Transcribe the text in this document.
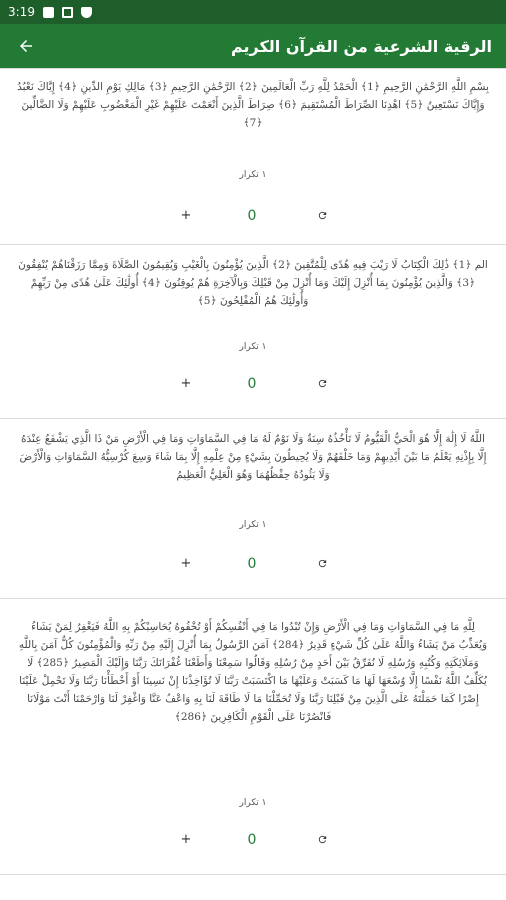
3:19
الرقية الشرعية من القرآن الكريم
بِسْمِ اللَّهِ الرَّحْمَٰنِ الرَّحِيمِ ﴿1﴾ الْحَمْدُ لِلَّهِ رَبِّ الْعَالَمِينَ ﴿2﴾ الرَّحْمَٰنِ الرَّحِيمِ ﴿3﴾ مَالِكِ يَوْمِ الدِّينِ ﴿4﴾ إِيَّاكَ نَعْبُدُ وَإِيَّاكَ نَسْتَعِينُ ﴿5﴾ اهْدِنَا الصِّرَاطَ الْمُسْتَقِيمَ ﴿6﴾ صِرَاطَ الَّذِينَ أَنْعَمْتَ عَلَيْهِمْ غَيْرِ الْمَغْضُوبِ عَلَيْهِمْ وَلَا الضَّالِّينَ ﴿7﴾
١ تكرار
+	0
الم ﴿1﴾ ذَٰلِكَ الْكِتَابُ لَا رَيْبَ فِيهِ هُدًى لِلْمُتَّقِينَ ﴿2﴾ الَّذِينَ يُؤْمِنُونَ بِالْغَيْبِ وَيُقِيمُونَ الصَّلَاةَ وَمِمَّا رَزَقْنَاهُمْ يُنْفِقُونَ ﴿3﴾ وَالَّذِينَ يُؤْمِنُونَ بِمَا أُنْزِلَ إِلَيْكَ وَمَا أُنْزِلَ مِنْ قَبْلِكَ وَبِالْآخِرَةِ هُمْ يُوقِنُونَ ﴿4﴾ أُولَٰئِكَ عَلَىٰ هُدًى مِنْ رَبِّهِمْ وَأُولَٰئِكَ هُمُ الْمُفْلِحُونَ ﴿5﴾
١ تكرار
+	0
اللَّهُ لَا إِلَٰهَ إِلَّا هُوَ الْحَيُّ الْقَيُّومُ لَا تَأْخُذُهُ سِنَةٌ وَلَا نَوْمٌ لَهُ مَا فِي السَّمَاوَاتِ وَمَا فِي الْأَرْضِ مَنْ ذَا الَّذِي يَشْفَعُ عِنْدَهُ إِلَّا بِإِذْنِهِ يَعْلَمُ مَا بَيْنَ أَيْدِيهِمْ وَمَا خَلْفَهُمْ وَلَا يُحِيطُونَ بِشَيْءٍ مِنْ عِلْمِهِ إِلَّا بِمَا شَاءَ وَسِعَ كُرْسِيُّهُ السَّمَاوَاتِ وَالْأَرْضَ وَلَا يَئُودُهُ حِفْظُهُمَا وَهُوَ الْعَلِيُّ الْعَظِيمُ
١ تكرار
+	0
لِلَّهِ مَا فِي السَّمَاوَاتِ وَمَا فِي الْأَرْضِ وَإِنْ تُبْدُوا مَا فِي أَنْفُسِكُمْ أَوْ تُخْفُوهُ يُحَاسِبْكُمْ بِهِ اللَّهُ فَيَغْفِرُ لِمَنْ يَشَاءُ وَيُعَذِّبُ مَنْ يَشَاءُ وَاللَّهُ عَلَىٰ كُلِّ شَيْءٍ قَدِيرٌ ﴿284﴾ آمَنَ الرَّسُولُ بِمَا أُنْزِلَ إِلَيْهِ مِنْ رَبِّهِ وَالْمُؤْمِنُونَ كُلٌّ آمَنَ بِاللَّهِ وَمَلَائِكَتِهِ وَكُتُبِهِ وَرُسُلِهِ لَا نُفَرِّقُ بَيْنَ أَحَدٍ مِنْ رُسُلِهِ وَقَالُوا سَمِعْنَا وَأَطَعْنَا غُفْرَانَكَ رَبَّنَا وَإِلَيْكَ الْمَصِيرُ ﴿285﴾ لَا يُكَلِّفُ اللَّهُ نَفْسًا إِلَّا وُسْعَهَا لَهَا مَا كَسَبَتْ وَعَلَيْهَا مَا اكْتَسَبَتْ رَبَّنَا لَا تُؤَاخِذْنَا إِنْ نَسِينَا أَوْ أَخْطَأْنَا رَبَّنَا وَلَا تَحْمِلْ عَلَيْنَا إِصْرًا كَمَا حَمَلْتَهُ عَلَى الَّذِينَ مِنْ قَبْلِنَا رَبَّنَا وَلَا تُحَمِّلْنَا مَا لَا طَاقَةَ لَنَا بِهِ وَاعْفُ عَنَّا وَاغْفِرْ لَنَا وَارْحَمْنَا أَنْتَ مَوْلَانَا فَانْصُرْنَا عَلَى الْقَوْمِ الْكَافِرِينَ ﴿286﴾
١ تكرار
+	0
